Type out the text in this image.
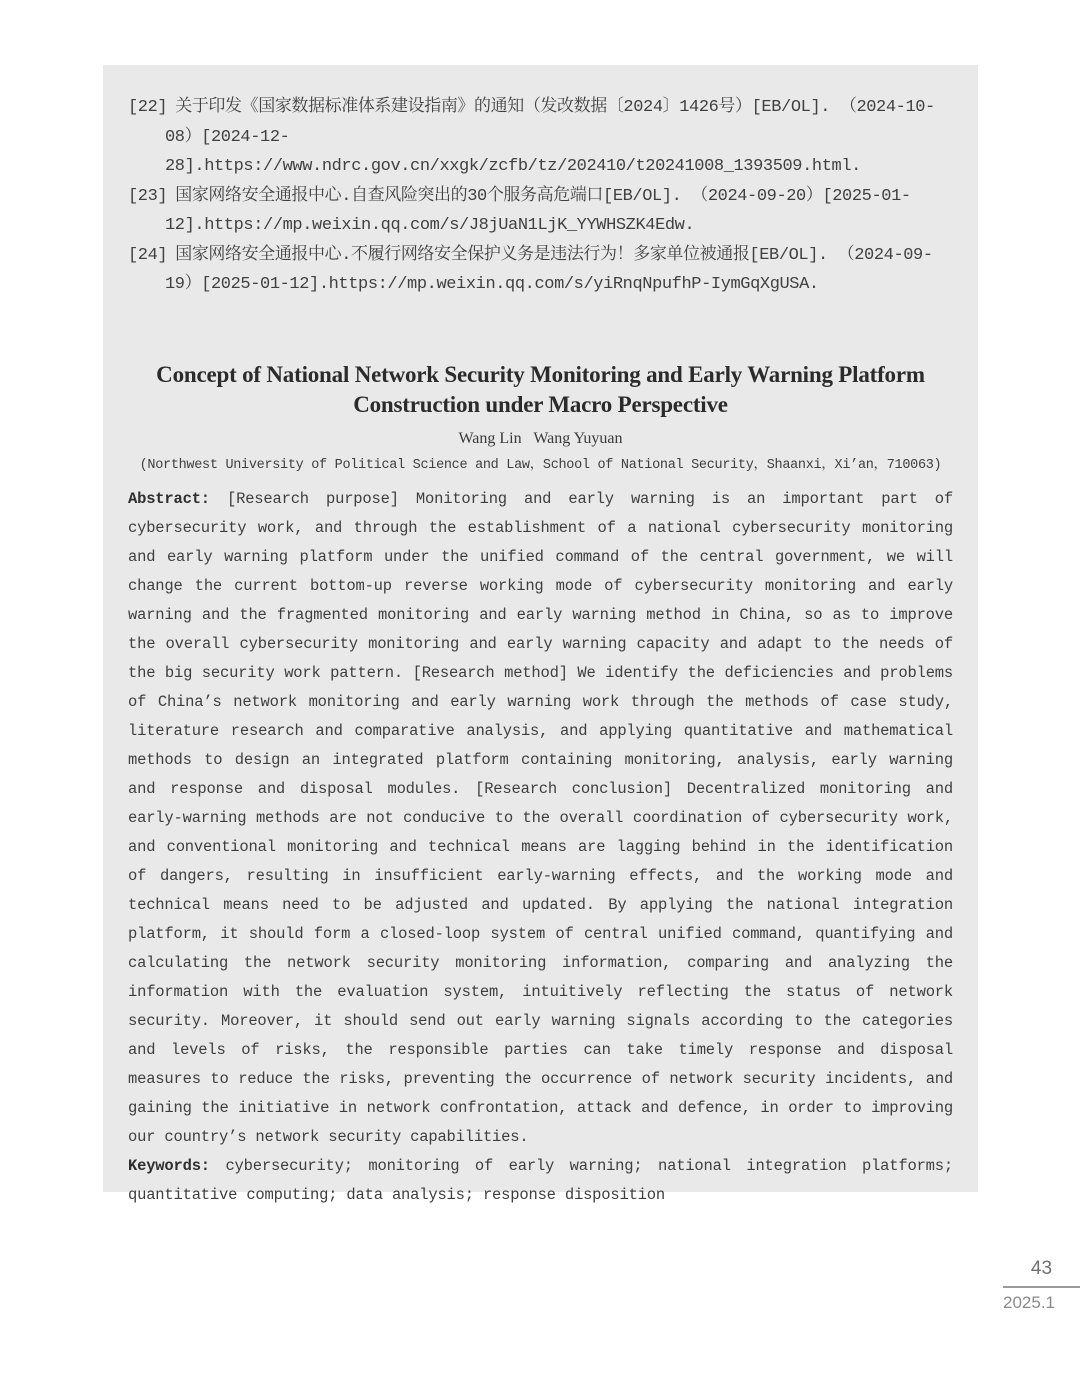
[22] 关于印发《国家数据标准体系建设指南》的通知（发改数据〔2024〕1426号）[EB/OL]. （2024-10-08）[2024-12-28].https://www.ndrc.gov.cn/xxgk/zcfb/tz/202410/t20241008_1393509.html.

[23] 国家网络安全通报中心.自查风险突出的30个服务高危端口[EB/OL]. （2024-09-20）[2025-01-12].https://mp.weixin.qq.com/s/J8jUaN1LjK_YYWHSZK4Edw.

[24] 国家网络安全通报中心.不履行网络安全保护义务是违法行为！多家单位被通报[EB/OL]. （2024-09-19）[2025-01-12].https://mp.weixin.qq.com/s/yiRnqNpufhP-IymGqXgUSA.

Concept of National Network Security Monitoring and Early Warning Platform Construction under Macro Perspective
Wang Lin   Wang Yuyuan
(Northwest University of Political Science and Law，School of National Security，Shaanxi，Xi’an，710063)

Abstract: [Research purpose] Monitoring and early warning is an important part of cybersecurity work, and through the establishment of a national cybersecurity monitoring and early warning platform under the unified command of the central government, we will change the current bottom-up reverse working mode of cybersecurity monitoring and early warning and the fragmented monitoring and early warning method in China, so as to improve the overall cybersecurity monitoring and early warning capacity and adapt to the needs of the big security work pattern. [Research method] We identify the deficiencies and problems of China’s network monitoring and early warning work through the methods of case study, literature research and comparative analysis, and applying quantitative and mathematical methods to design an integrated platform containing monitoring, analysis, early warning and response and disposal modules. [Research conclusion] Decentralized monitoring and early-warning methods are not conducive to the overall coordination of cybersecurity work, and conventional monitoring and technical means are lagging behind in the identification of dangers, resulting in insufficient early-warning effects, and the working mode and technical means need to be adjusted and updated. By applying the national integration platform, it should form a closed-loop system of central unified command, quantifying and calculating the network security monitoring information, comparing and analyzing the information with the evaluation system, intuitively reflecting the status of network security. Moreover, it should send out early warning signals according to the categories and levels of risks, the responsible parties can take timely response and disposal measures to reduce the risks, preventing the occurrence of network security incidents, and gaining the initiative in network confrontation, attack and defence, in order to improving our country’s network security capabilities.

Keywords: cybersecurity; monitoring of early warning; national integration platforms; quantitative computing; data analysis; response disposition

43
2025.1
